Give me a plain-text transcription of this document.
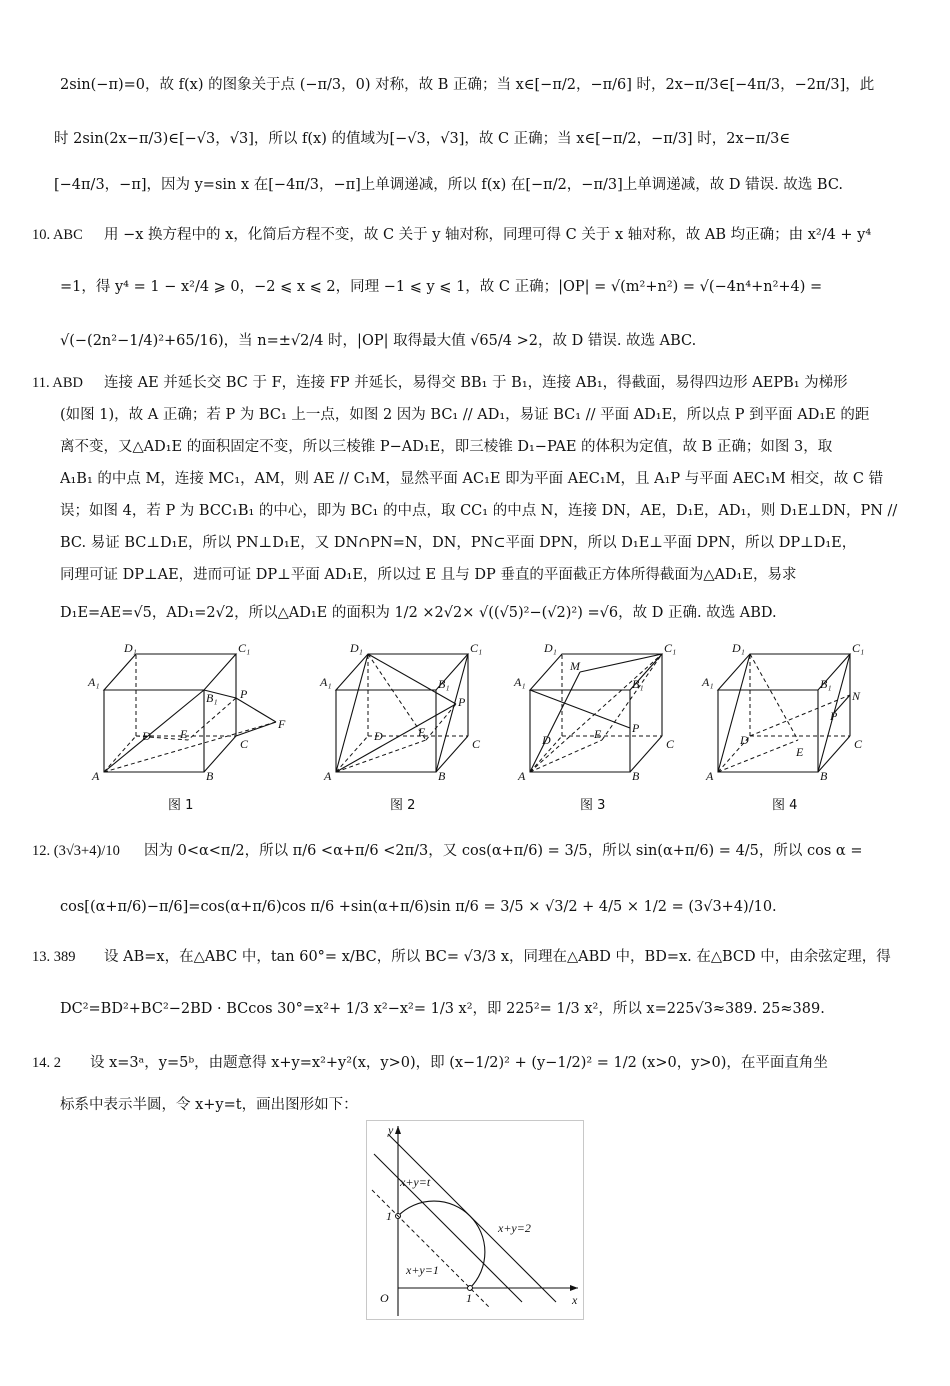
2sin(−π)=0，故 f(x) 的图象关于点 (−π/3，0) 对称，故 B 正确；当 x∈[−π/2，−π/6] 时，2x−π/3∈[−4π/3，−2π/3]，此
时 2sin(2x−π/3)∈[−√3，√3]，所以 f(x) 的值域为[−√3，√3]，故 C 正确；当 x∈[−π/2，−π/3] 时，2x−π/3∈
[−4π/3，−π]，因为 y=sin x 在[−4π/3，−π]上单调递减，所以 f(x) 在[−π/2，−π/3]上单调递减，故 D 错误. 故选 BC.
10. ABC 用 −x 换方程中的 x，化简后方程不变，故 C 关于 y 轴对称，同理可得 C 关于 x 轴对称，故 AB 均正确；由 x²/4 + y⁴
=1，得 y⁴ = 1 − x²/4 ⩾ 0，−2 ⩽ x ⩽ 2，同理 −1 ⩽ y ⩽ 1，故 C 正确；|OP| = √(m²+n²) = √(−4n⁴+n²+4) =
√(−(2n²−1/4)²+65/16)，当 n=±√2/4 时，|OP| 取得最大值 √65/4 >2，故 D 错误. 故选 ABC.
11. ABD 连接 AE 并延长交 BC 于 F，连接 FP 并延长，易得交 BB₁ 于 B₁，连接 AB₁，得截面，易得四边形 AEPB₁ 为梯形
(如图 1)，故 A 正确；若 P 为 BC₁ 上一点，如图 2 因为 BC₁ // AD₁，易证 BC₁ // 平面 AD₁E，所以点 P 到平面 AD₁E 的距
离不变，又△AD₁E 的面积固定不变，所以三棱锥 P−AD₁E，即三棱锥 D₁−PAE 的体积为定值，故 B 正确；如图 3，取
A₁B₁ 的中点 M，连接 MC₁，AM，则 AE // C₁M，显然平面 AC₁E 即为平面 AEC₁M，且 A₁P 与平面 AEC₁M 相交，故 C 错
误；如图 4，若 P 为 BCC₁B₁ 的中心，即为 BC₁ 的中点，取 CC₁ 的中点 N，连接 DN，AE，D₁E，AD₁，则 D₁E⊥DN，PN //
BC. 易证 BC⊥D₁E，所以 PN⊥D₁E，又 DN∩PN=N，DN，PN⊂平面 DPN，所以 D₁E⊥平面 DPN，所以 DP⊥D₁E，
同理可证 DP⊥AE，进而可证 DP⊥平面 AD₁E，所以过 E 且与 DP 垂直的平面截正方体所得截面为△AD₁E，易求
D₁E=AE=√5，AD₁=2√2，所以△AD₁E 的面积为 1/2 ×2√2× √((√5)²−(√2)²) =√6，故 D 正确. 故选 ABD.
D₁	C₁
A₁
B₁ P
F
D E
C
A	B
图 1
D₁	C₁
A₁	B₁
P
D	E
C
A	B
图 2
D₁	C₁
A₁	B₁
M
P
D	E
C
A	B
图 3
D₁	C₁
A₁	B₁
N
P
D
E
C
A	B
图 4
12. (3√3+4)/10 因为 0<α<π/2，所以 π/6 <α+π/6 <2π/3，又 cos(α+π/6) = 3/5，所以 sin(α+π/6) = 4/5，所以 cos α =
cos[(α+π/6)−π/6]=cos(α+π/6)cos π/6 +sin(α+π/6)sin π/6 = 3/5 × √3/2 + 4/5 × 1/2 = (3√3+4)/10.
13. 389 设 AB=x，在△ABC 中，tan 60°= x/BC，所以 BC= √3/3 x，同理在△ABD 中，BD=x. 在△BCD 中，由余弦定理，得
DC²=BD²+BC²−2BD · BCcos 30°=x²+ 1/3 x²−x²= 1/3 x²，即 225²= 1/3 x²，所以 x=225√3≈389. 25≈389.
14. 2 设 x=3ᵃ，y=5ᵇ，由题意得 x+y=x²+y²(x，y>0)，即 (x−1/2)² + (y−1/2)² = 1/2 (x>0，y>0)，在平面直角坐
标系中表示半圆，令 x+y=t，画出图形如下：
y
x
O
1
1
x+y=t
x+y=2
x+y=1
